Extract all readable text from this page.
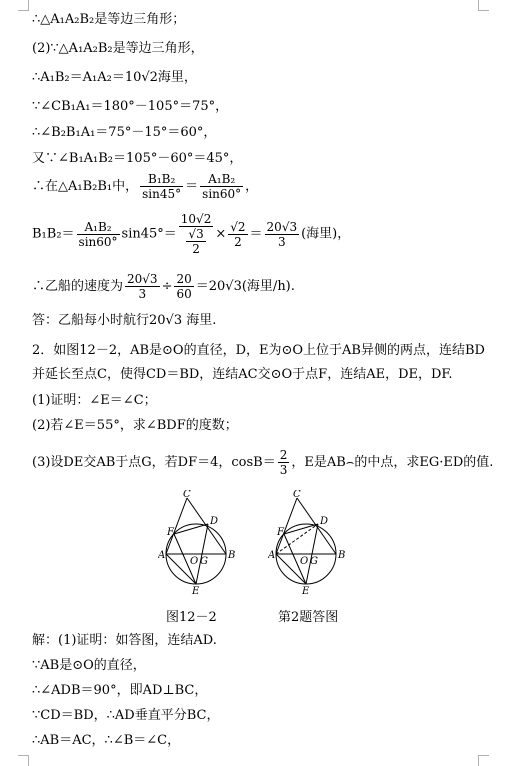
∴△A₁A₂B₂是等边三角形；
(2)∵△A₁A₂B₂是等边三角形，
∴A₁B₂＝A₁A₂＝10√2海里，
∵∠CB₁A₁＝180°－105°＝75°，
∴∠B₂B₁A₁＝75°－15°＝60°，
又∵∠B₁A₁B₂＝105°－60°＝45°，
∴在△A₁B₂B₁中， $\frac{\text{B₁B₂}}{\sin 45^\circ} = \frac{\text{A₁B₂}}{\sin 60^\circ}$ ，
$B_1B_2= \frac{\text{A₁B₂}}{\sin 60^\circ} \sin 45^\circ= \frac{10√2}{\frac{√3}{2}} \times \frac{√2}{2} = \frac{20√3}{3}$ (海里)，
∴乙船的速度为 $\frac{20√3}{3} \div \frac{20}{60} =20√3$(海里/h).
答：乙船每小时航行20√3 海里.
2．如图12－2，AB是⊙O的直径，D，E为⊙O上位于AB异侧的两点，连结BD
并延长至点C，使得CD＝BD，连结AC交⊙O于点F，连结AE，DE，DF.
(1)证明：∠E＝∠C；
(2)若∠E＝55°，求∠BDF的度数；
(3)设DE交AB于点G，若DF＝4，$\cos B= \frac{2}{3}$ ，E是AB⌢的中点，求EG·ED的值.
C
D
F
A
O G
B
E
C
D
F
A
O G
B
E
图12－2	第2题答图
解：(1)证明：如答图，连结AD.
∵AB是⊙O的直径，
∴∠ADB＝90°，即AD⊥BC，
∵CD＝BD，∴AD垂直平分BC，
∴AB＝AC，∴∠B＝∠C，
